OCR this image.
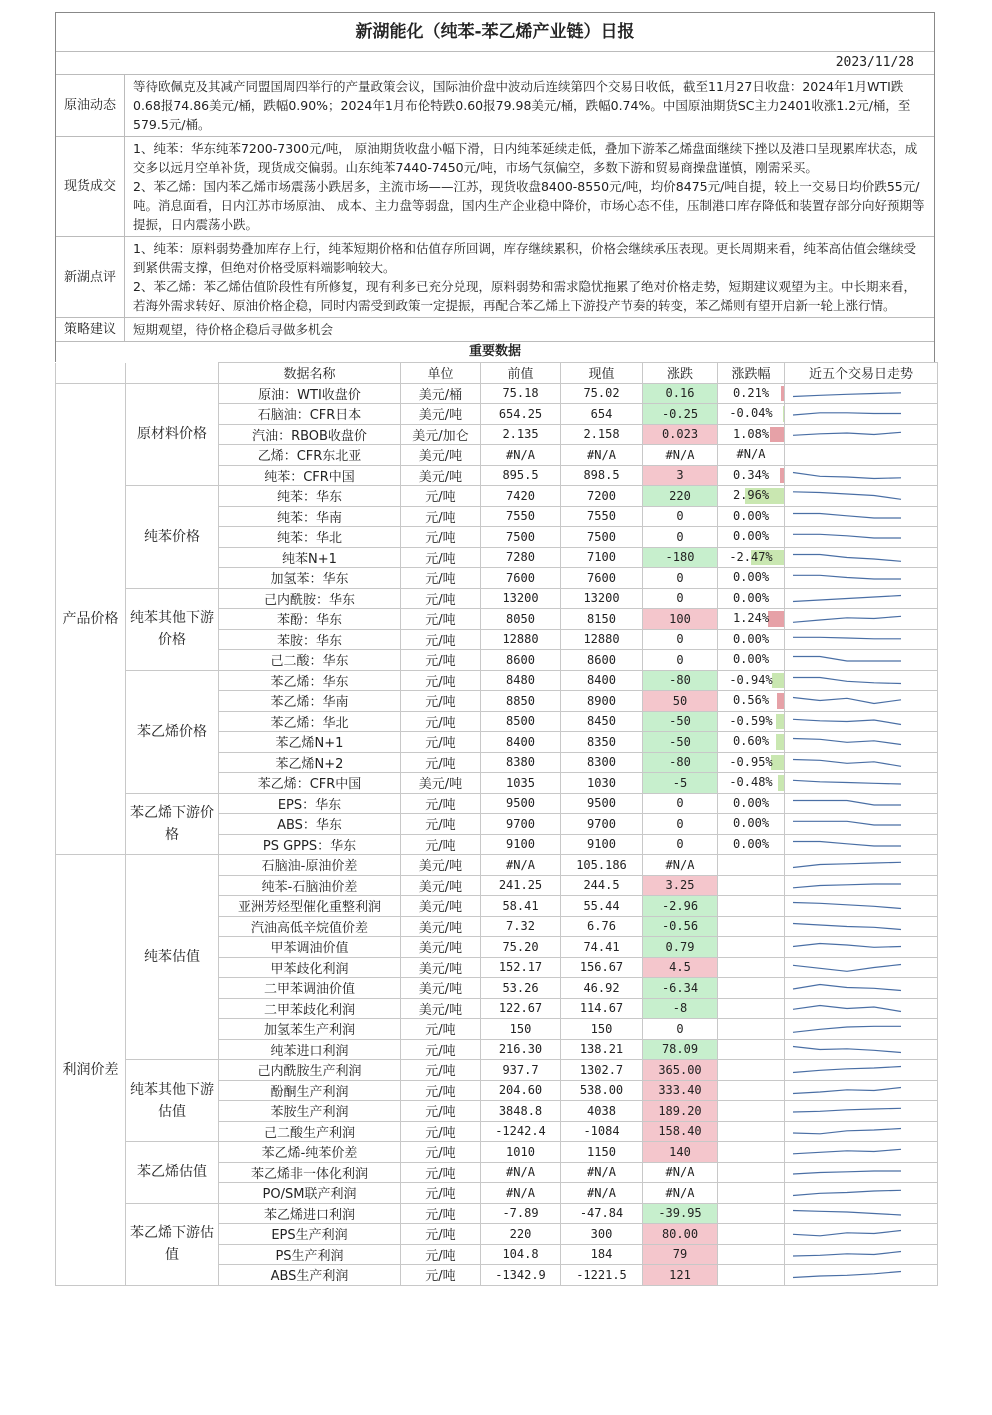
新湖能化（纯苯-苯乙烯产业链）日报
2023/11/28
原油动态	等待欧佩克及其减产同盟国周四举行的产量政策会议，国际油价盘中波动后连续第四个交易日收低，截至11月27日收盘：2024年1月WTI跌0.68报74.86美元/桶，跌幅0.90%；2024年1月布伦特跌0.60报79.98美元/桶，跌幅0.74%。中国原油期货SC主力2401收涨1.2元/桶，至579.5元/桶。

现货成交	1、纯苯：华东纯苯7200-7300元/吨， 原油期货收盘小幅下滑，日内纯苯延续走低，叠加下游苯乙烯盘面继续下挫以及港口呈现累库状态，成交多以远月空单补货，现货成交偏弱。山东纯苯7440-7450元/吨，市场气氛偏空，多数下游和贸易商操盘谨慎，刚需采买。

2、苯乙烯：国内苯乙烯市场震荡小跌居多，主流市场——江苏，现货收盘8400-8550元/吨，均价8475元/吨自提，较上一交易日均价跌55元/吨。消息面看，日内江苏市场原油、 成本、主力盘等弱盘，国内生产企业稳中降价，市场心态不佳，压制港口库存降低和装置存部分向好预期等提振，日内震荡小跌。

新湖点评	1、纯苯：原料弱势叠加库存上行，纯苯短期价格和估值存所回调，库存继续累积，价格会继续承压表现。更长周期来看，纯苯高估值会继续受到紧供需支撑，但绝对价格受原料端影响较大。

2、苯乙烯：苯乙烯估值阶段性有所修复，现有利多已充分兑现，原料弱势和需求隐忧拖累了绝对价格走势，短期建议观望为主。中长期来看，若海外需求转好、原油价格企稳，同时内需受到政策一定提振，再配合苯乙烯上下游投产节奏的转变，苯乙烯则有望开启新一轮上涨行情。

策略建议	短期观望，待价格企稳后寻做多机会

重要数据
		数据名称	单位	前值	现值	涨跌	涨跌幅	近五个交易日走势
产品价格	原材料价格	原油：WTI收盘价	美元/桶	75.18	75.02	0.16	0.21%	

		石脑油：CFR日本	美元/吨	654.25	654	-0.25	-0.04%	

		汽油：RBOB收盘价	美元/加仑	2.135	2.158	0.023	1.08%	

		乙烯：CFR东北亚	美元/吨	#N/A	#N/A	#N/A	#N/A	
		纯苯：CFR中国	美元/吨	895.5	898.5	3	0.34%	

	纯苯价格	纯苯：华东	元/吨	7420	7200	220	2.96%	

		纯苯：华南	元/吨	7550	7550	0	0.00%	

		纯苯：华北	元/吨	7500	7500	0	0.00%	

		纯苯N+1	元/吨	7280	7100	-180	-2.47%	

		加氢苯：华东	元/吨	7600	7600	0	0.00%	

	纯苯其他下游价格	己内酰胺：华东	元/吨	13200	13200	0	0.00%	

		苯酚：华东	元/吨	8050	8150	100	1.24%	

		苯胺：华东	元/吨	12880	12880	0	0.00%	

		己二酸：华东	元/吨	8600	8600	0	0.00%	

	苯乙烯价格	苯乙烯：华东	元/吨	8480	8400	-80	-0.94%	

		苯乙烯：华南	元/吨	8850	8900	50	0.56%	

		苯乙烯：华北	元/吨	8500	8450	-50	-0.59%	

		苯乙烯N+1	元/吨	8400	8350	-50	0.60%	

		苯乙烯N+2	元/吨	8380	8300	-80	-0.95%	

		苯乙烯：CFR中国	美元/吨	1035	1030	-5	-0.48%	

	苯乙烯下游价格	EPS：华东	元/吨	9500	9500	0	0.00%	

		ABS：华东	元/吨	9700	9700	0	0.00%	

		PS GPPS：华东	元/吨	9100	9100	0	0.00%	

利润价差	纯苯估值	石脑油-原油价差	美元/吨	#N/A	105.186	#N/A		

		纯苯-石脑油价差	美元/吨	241.25	244.5	3.25		

		亚洲芳烃型催化重整利润	美元/吨	58.41	55.44	-2.96		

		汽油高低辛烷值价差	美元/吨	7.32	6.76	-0.56		

		甲苯调油价值	美元/吨	75.20	74.41	0.79		

		甲苯歧化利润	美元/吨	152.17	156.67	4.5		

		二甲苯调油价值	美元/吨	53.26	46.92	-6.34		

		二甲苯歧化利润	美元/吨	122.67	114.67	-8		

		加氢苯生产利润	元/吨	150	150	0		

		纯苯进口利润	元/吨	216.30	138.21	78.09		

	纯苯其他下游估值	己内酰胺生产利润	元/吨	937.7	1302.7	365.00		

		酚酮生产利润	元/吨	204.60	538.00	333.40		

		苯胺生产利润	元/吨	3848.8	4038	189.20		

		己二酸生产利润	元/吨	-1242.4	-1084	158.40		

	苯乙烯估值	苯乙烯-纯苯价差	元/吨	1010	1150	140		

		苯乙烯非一体化利润	元/吨	#N/A	#N/A	#N/A		

		PO/SM联产利润	元/吨	#N/A	#N/A	#N/A		

	苯乙烯下游估值	苯乙烯进口利润	元/吨	-7.89	-47.84	-39.95		

		EPS生产利润	元/吨	220	300	80.00		

		PS生产利润	元/吨	104.8	184	79		

		ABS生产利润	元/吨	-1342.9	-1221.5	121		
